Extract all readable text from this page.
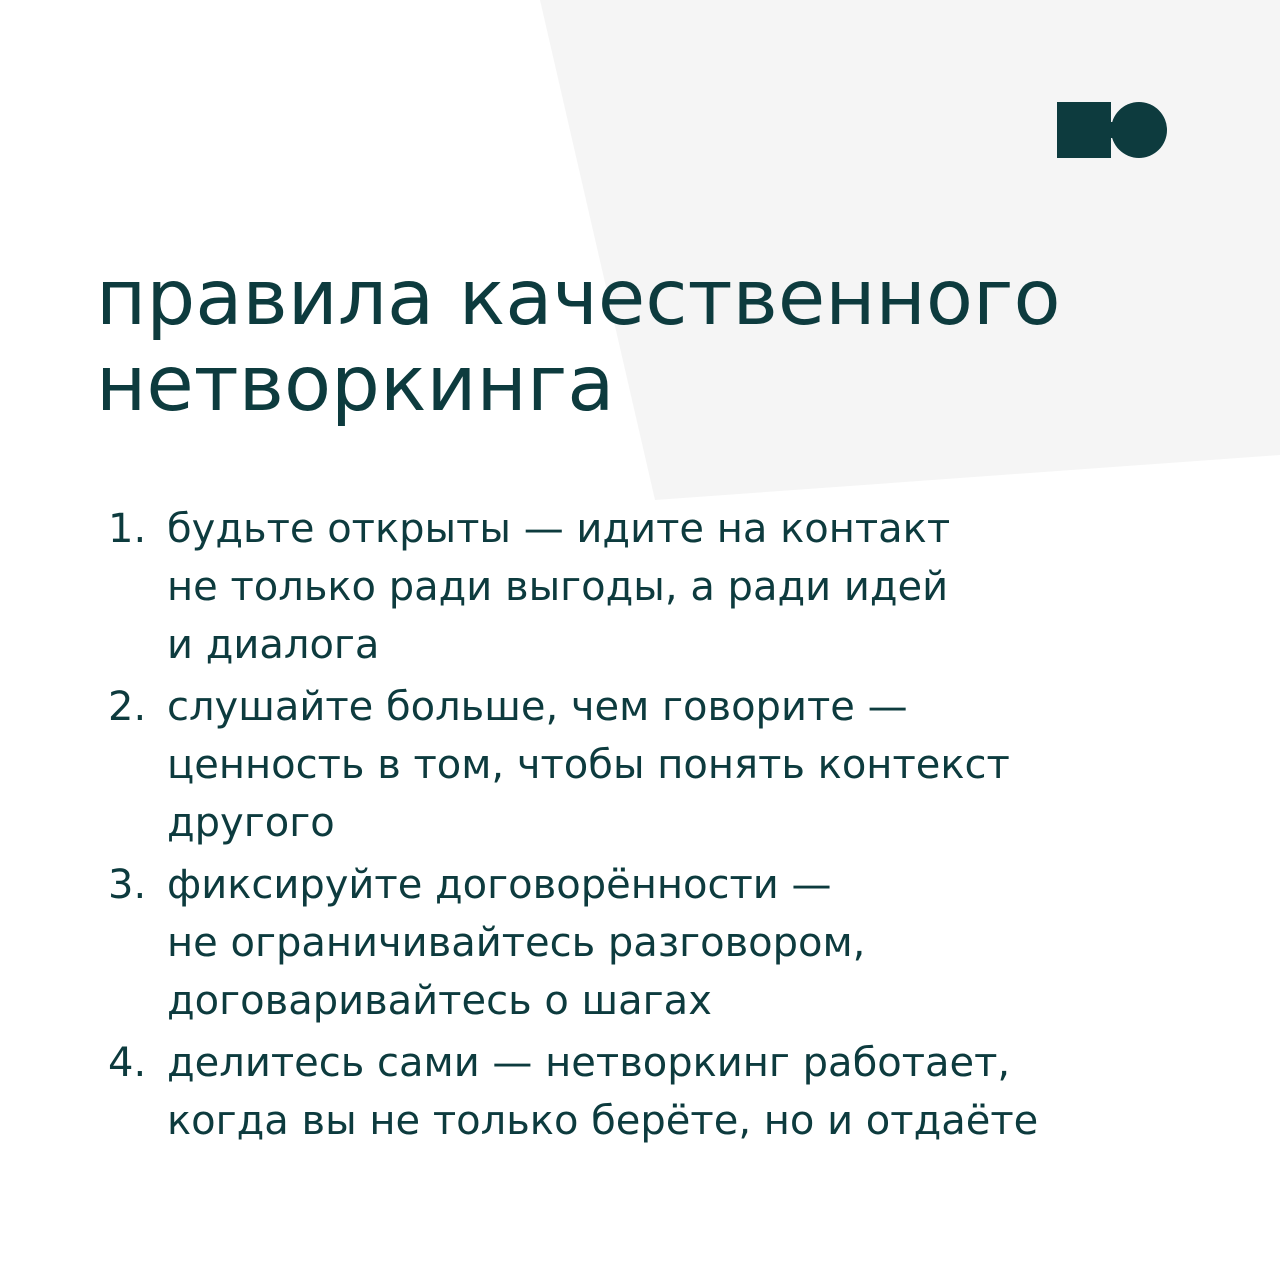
правила качественного
нетворкинга
1. будьте открыты — идите на контакт
не только ради выгоды, а ради идей
и диалога
2. слушайте больше, чем говорите —
ценность в том, чтобы понять контекст
другого
3. фиксируйте договорённости —
не ограничивайтесь разговором,
договаривайтесь о шагах
4. делитесь сами — нетворкинг работает,
когда вы не только берёте, но и отдаёте
